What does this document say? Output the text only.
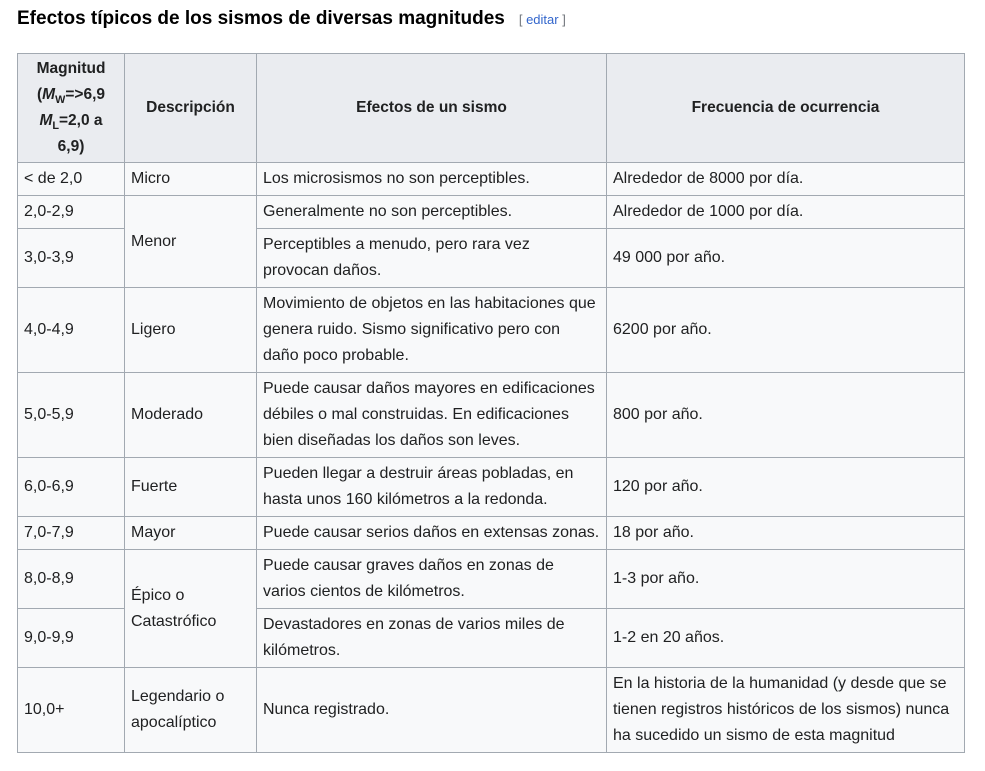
Efectos típicos de los sismos de diversas magnitudes [ editar ]
Magnitud
($M_W=>6,9$
$M_L=2,0$ a 6,9)	Descripción	Efectos de un sismo	Frecuencia de ocurrencia
< de 2,0	Micro	Los microsismos no son perceptibles.	Alrededor de 8000 por día.
2,0-2,9	Menor	Generalmente no son perceptibles.	Alrededor de 1000 por día.
3,0-3,9		Perceptibles a menudo, pero rara vez provocan daños.	49 000 por año.
4,0-4,9	Ligero	Movimiento de objetos en las habitaciones que genera ruido. Sismo significativo pero con daño poco probable.	6200 por año.
5,0-5,9	Moderado	Puede causar daños mayores en edificaciones débiles o mal construidas. En edificaciones bien diseñadas los daños son leves.	800 por año.
6,0-6,9	Fuerte	Pueden llegar a destruir áreas pobladas, en hasta unos 160 kilómetros a la redonda.	120 por año.
7,0-7,9	Mayor	Puede causar serios daños en extensas zonas.	18 por año.
8,0-8,9	Épico o Catastrófico	Puede causar graves daños en zonas de varios cientos de kilómetros.	1-3 por año.
9,0-9,9		Devastadores en zonas de varios miles de kilómetros.	1-2 en 20 años.
10,0+	Legendario o apocalíptico	Nunca registrado.	En la historia de la humanidad (y desde que se tienen registros históricos de los sismos) nunca ha sucedido un sismo de esta magnitud
